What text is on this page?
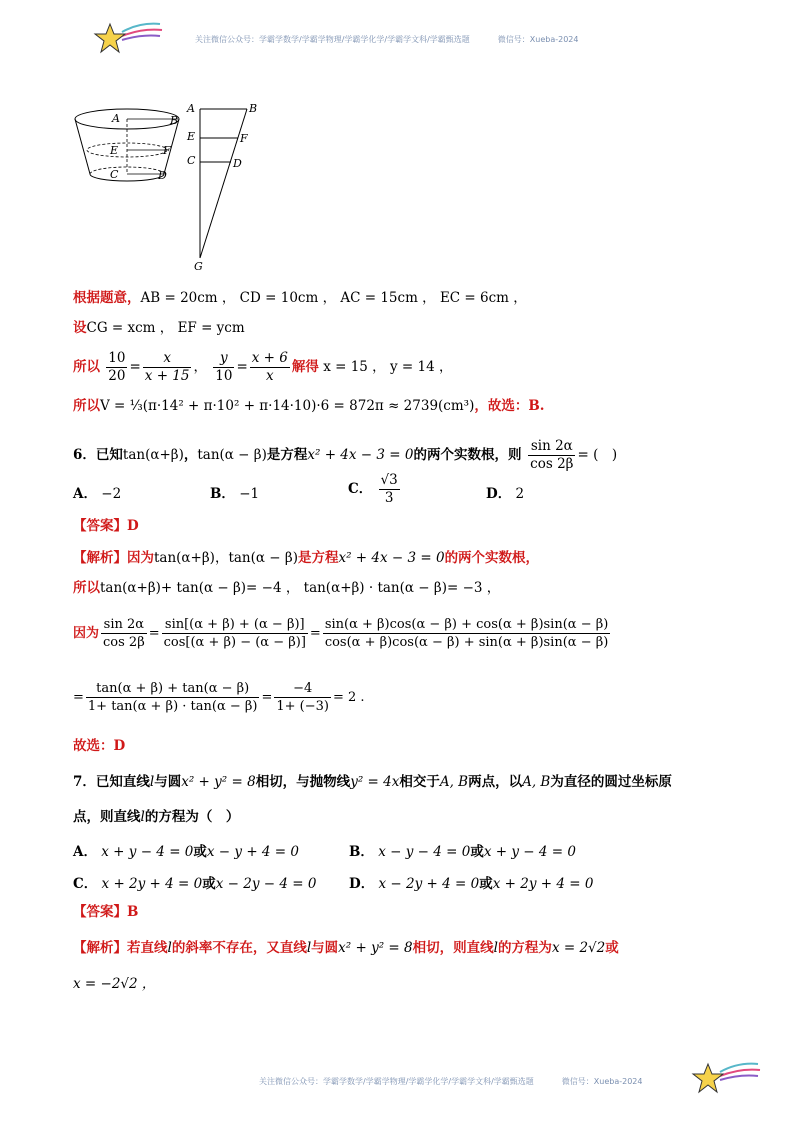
关注微信公众号：学霸学数学/学霸学物理/学霸学化学/学霸学文科/学霸甄选题	微信号：Xueba-2024
A	B
E	F
C	D
A	B
E	F
C	D
G
根据题意，AB = 20cm ， CD = 10cm ， AC = 15cm ， EC = 6cm ，
设CG = xcm ， EF = ycm
所以 $\frac{10}{20} = \frac{x}{x + 15}$ ， $\frac{y}{10} = \frac{x + 6}{x}$ 解得 x = 15 ， y = 14 ，
所以V = ⅓(π·14² + π·10² + π·14·10)·6 = 872π ≈ 2739(cm³)，故选：B.
6．已知tan(α+β)，tan(α − β)是方程x² + 4x − 3 = 0的两个实数根，则 $\frac{\sin 2\alpha}{\cos 2\beta}$ = (　)
A． −2	B． −1	C． $\frac{√3}{3}$	D． 2
【答案】D
【解析】因为tan(α+β)，tan(α − β)是方程x² + 4x − 3 = 0的两个实数根，
所以tan(α+β)+ tan(α − β)= −4 ， tan(α+β) · tan(α − β)= −3 ，
因为 $\frac{\sin 2\alpha}{\cos 2\beta} = \frac{\sin[(\alpha + \beta) + (\alpha - \beta)]}{\cos[(\alpha + \beta) - (\alpha - \beta)]} = \frac{\sin(\alpha + \beta)\cos(\alpha - \beta) + \cos(\alpha + \beta)\sin(\alpha - \beta)}{\cos(\alpha + \beta)\cos(\alpha - \beta) + \sin(\alpha + \beta)\sin(\alpha - \beta)}$
= $\frac{\tan(\alpha + \beta) + \tan(\alpha - \beta)}{1+ \tan(\alpha + \beta) \cdot \tan(\alpha - \beta)} = \frac{-4}{1+ (-3)} = 2$ .
故选：D
7．已知直线l与圆x² + y² = 8相切，与抛物线y² = 4x相交于A, B两点，以A, B为直径的圆过坐标原
点，则直线l的方程为（　）
A． x + y − 4 = 0或x − y + 4 = 0	B． x − y − 4 = 0或x + y − 4 = 0
C． x + 2y + 4 = 0或x − 2y − 4 = 0 D． x − 2y + 4 = 0或x + 2y + 4 = 0
【答案】B
【解析】若直线l的斜率不存在，又直线l与圆x² + y² = 8相切，则直线l的方程为x = 2√2或
x = −2√2 ，
关注微信公众号：学霸学数学/学霸学物理/学霸学化学/学霸学文科/学霸甄选题	微信号：Xueba-2024
